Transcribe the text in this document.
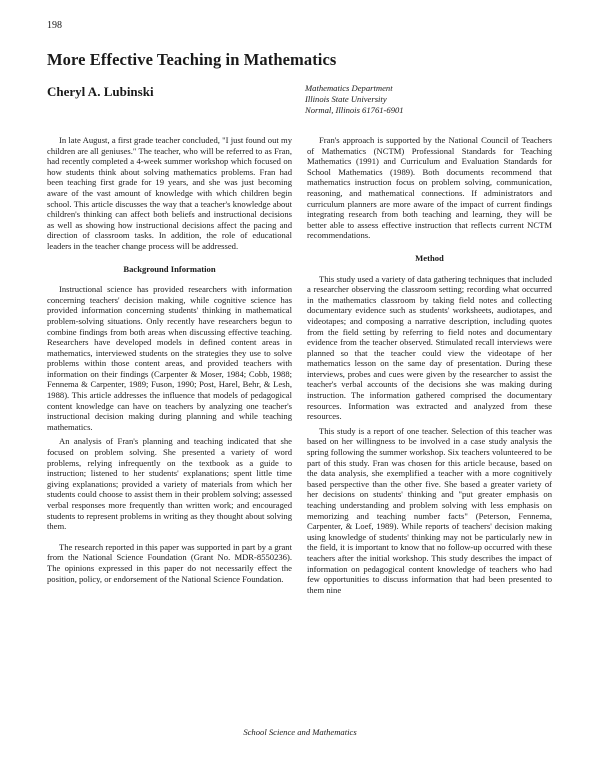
198
More Effective Teaching in Mathematics
Cheryl A. Lubinski	Mathematics Department
Illinois State University
Normal, Illinois 61761-6901

In late August, a first grade teacher concluded, "I just found out my children are all geniuses." The teacher, who will be referred to as Fran, had recently completed a 4-week summer workshop which focused on how students think about solving mathematics problems. Fran had been teaching first grade for 19 years, and she was just becoming aware of the vast amount of knowledge with which children begin school. This article discusses the way that a teacher's knowledge about children's thinking can affect both beliefs and instructional decisions as well as showing how instructional decisions affect the pacing and direction of classroom tasks. In addition, the role of educational leaders in the teacher change process will be addressed.

Background Information

Instructional science has provided researchers with information concerning teachers' decision making, while cognitive science has provided information concerning students' thinking in mathematical problem-solving situations. Only recently have researchers begun to combine findings from both areas when discussing effective teaching. Researchers have developed models in defined content areas in mathematics, interviewed students on the strategies they use to solve problems within those content areas, and provided teachers with information on their findings (Carpenter & Moser, 1984; Cobb, 1988; Fennema & Carpenter, 1989; Fuson, 1990; Post, Harel, Behr, & Lesh, 1988). This article addresses the influence that models of pedagogical content knowledge can have on teachers by analyzing one teacher's instructional decision making during planning and while teaching mathematics.

An analysis of Fran's planning and teaching indicated that she focused on problem solving. She presented a variety of word problems, relying infrequently on the textbook as a guide to instruction; listened to her students' explanations; spent little time giving explanations; provided a variety of materials from which her students could choose to assist them in their problem solving; assessed verbal responses more frequently than written work; and encouraged students to represent problems in writing as they thought about solving them.

The research reported in this paper was supported in part by a grant from the National Science Foundation (Grant No. MDR-8550236). The opinions expressed in this paper do not necessarily effect the position, policy, or endorsement of the National Science Foundation.

Fran's approach is supported by the National Council of Teachers of Mathematics (NCTM) Professional Standards for Teaching Mathematics (1991) and Curriculum and Evaluation Standards for School Mathematics (1989). Both documents recommend that mathematics instruction focus on problem solving, communication, reasoning, and mathematical connections. If administrators and curriculum planners are more aware of the impact of current findings integrating research from both teaching and learning, they will be better able to assess effective instruction that reflects current NCTM recommendations.

Method

This study used a variety of data gathering techniques that included a researcher observing the classroom setting; recording what occurred in the mathematics classroom by taking field notes and collecting documentary evidence such as students' worksheets, audiotapes, and videotapes; and composing a narrative description, including quotes from the field setting by referring to field notes and documentary evidence from the teacher observed. Stimulated recall interviews were planned so that the teacher could view the videotape of her mathematics lesson on the same day of presentation. During these interviews, probes and cues were given by the researcher to assist the teacher's verbal accounts of the decisions she was making during instruction. The information gathered comprised the documentary resources. Information was extracted and analyzed from these resources.

This study is a report of one teacher. Selection of this teacher was based on her willingness to be involved in a case study analysis the spring following the summer workshop. Six teachers volunteered to be part of this study. Fran was chosen for this article because, based on the data analysis, she exemplified a teacher with a more cognitively based perspective than the other five. She based a greater variety of her decisions on students' thinking and "put greater emphasis on teaching understanding and problem solving with less emphasis on memorizing and teaching number facts" (Peterson, Fennema, Carpenter, & Loef, 1989). While reports of teachers' decision making using knowledge of students' thinking may not be particularly new in the field, it is important to know that no follow-up occurred with these teachers after the initial workshop. This study describes the impact of information on pedagogical content knowledge of teachers who had few opportunities to discuss information that had been presented to them nine

School Science and Mathematics
